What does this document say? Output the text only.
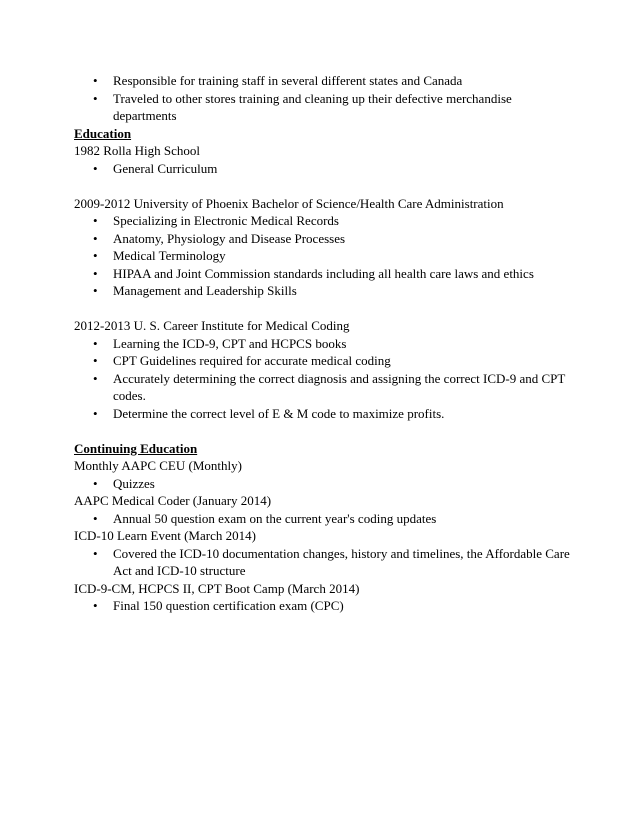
• Responsible for training staff in several different states and Canada
• Traveled to other stores training and cleaning up their defective merchandise departments
Education
1982 Rolla High School
• General Curriculum
2009-2012 University of Phoenix Bachelor of Science/Health Care Administration
• Specializing in Electronic Medical Records
• Anatomy, Physiology and Disease Processes
• Medical Terminology
• HIPAA and Joint Commission standards including all health care laws and ethics
• Management and Leadership Skills
2012-2013 U. S. Career Institute for Medical Coding
• Learning the ICD-9, CPT and HCPCS books
• CPT Guidelines required for accurate medical coding
• Accurately determining the correct diagnosis and assigning the correct ICD-9 and CPT codes.
• Determine the correct level of E & M code to maximize profits.
Continuing Education
Monthly AAPC CEU (Monthly)
• Quizzes
AAPC Medical Coder (January 2014)
• Annual 50 question exam on the current year's coding updates
ICD-10 Learn Event (March 2014)
• Covered the ICD-10 documentation changes, history and timelines, the Affordable Care Act and ICD-10 structure
ICD-9-CM, HCPCS II, CPT Boot Camp (March 2014)
• Final 150 question certification exam (CPC)
